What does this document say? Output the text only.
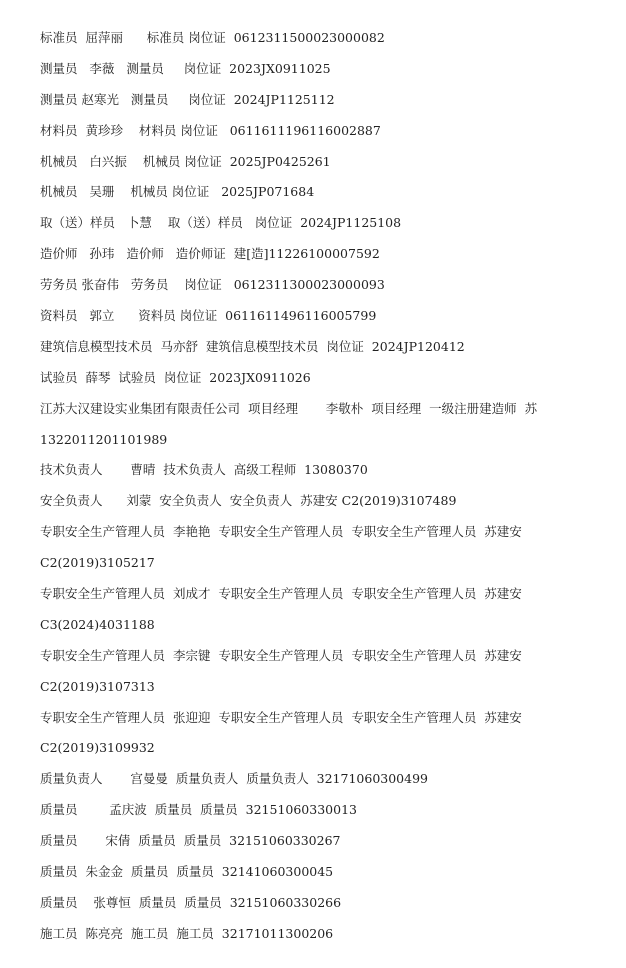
标准员  屈萍丽      标准员 岗位证  0612311500023000082
测量员   李薇   测量员     岗位证  2023JX0911025
测量员 赵寒光   测量员     岗位证  2024JP1125112
材料员  黄珍珍    材料员 岗位证   0611611196116002887
机械员   白兴振    机械员 岗位证  2025JP0425261
机械员   吴珊    机械员 岗位证   2025JP071684
取（送）样员   卜慧    取（送）样员   岗位证  2024JP1125108
造价师   孙玮   造价师   造价师证  建[造]11226100007592
劳务员 张奋伟   劳务员    岗位证   0612311300023000093
资料员   郭立      资料员 岗位证  0611611496116005799
建筑信息模型技术员  马亦舒  建筑信息模型技术员  岗位证  2024JP120412
试验员  薛琴  试验员  岗位证  2023JX0911026
江苏大汉建设实业集团有限责任公司  项目经理       李敬朴  项目经理  一级注册建造师  苏
1322011201101989
技术负责人       曹晴  技术负责人  高级工程师  13080370
安全负责人      刘蒙  安全负责人  安全负责人  苏建安 C2(2019)3107489
专职安全生产管理人员  李艳艳  专职安全生产管理人员  专职安全生产管理人员  苏建安
C2(2019)3105217
专职安全生产管理人员  刘成才  专职安全生产管理人员  专职安全生产管理人员  苏建安
C3(2024)4031188
专职安全生产管理人员  李宗键  专职安全生产管理人员  专职安全生产管理人员  苏建安
C2(2019)3107313
专职安全生产管理人员  张迎迎  专职安全生产管理人员  专职安全生产管理人员  苏建安
C2(2019)3109932
质量负责人       宫曼曼  质量负责人  质量负责人  32171060300499
质量员        孟庆波  质量员  质量员  32151060330013
质量员       宋倩  质量员  质量员  32151060330267
质量员  朱金金  质量员  质量员  32141060300045
质量员    张尊恒  质量员  质量员  32151060330266
施工员  陈亮亮  施工员  施工员  32171011300206
